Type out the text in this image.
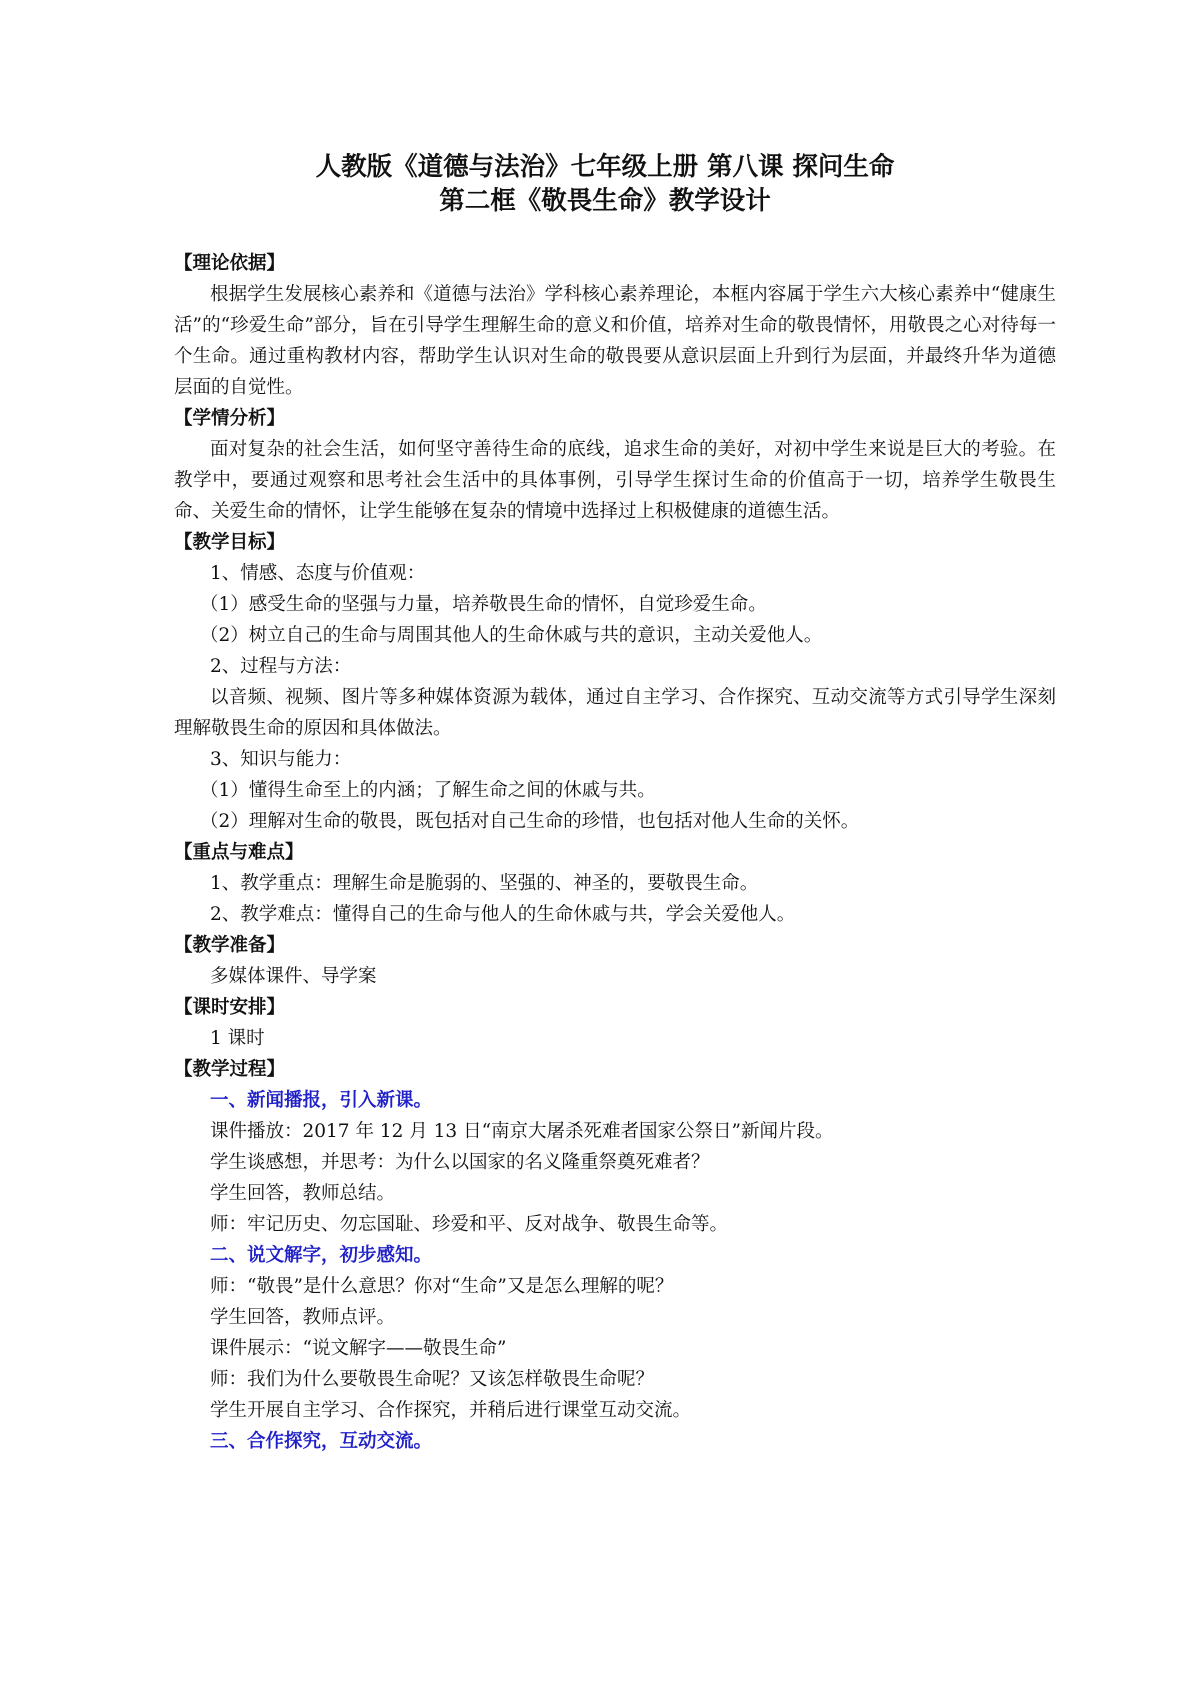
人教版《道德与法治》七年级上册 第八课 探问生命
第二框《敬畏生命》教学设计
【理论依据】
根据学生发展核心素养和《道德与法治》学科核心素养理论，本框内容属于学生六大核心素养中“健康生活”的“珍爱生命”部分，旨在引导学生理解生命的意义和价值，培养对生命的敬畏情怀，用敬畏之心对待每一个生命。通过重构教材内容，帮助学生认识对生命的敬畏要从意识层面上升到行为层面，并最终升华为道德层面的自觉性。
【学情分析】
面对复杂的社会生活，如何坚守善待生命的底线，追求生命的美好，对初中学生来说是巨大的考验。在教学中，要通过观察和思考社会生活中的具体事例，引导学生探讨生命的价值高于一切，培养学生敬畏生命、关爱生命的情怀，让学生能够在复杂的情境中选择过上积极健康的道德生活。
【教学目标】
1、情感、态度与价值观：
（1）感受生命的坚强与力量，培养敬畏生命的情怀，自觉珍爱生命。
（2）树立自己的生命与周围其他人的生命休戚与共的意识，主动关爱他人。
2、过程与方法：
以音频、视频、图片等多种媒体资源为载体，通过自主学习、合作探究、互动交流等方式引导学生深刻理解敬畏生命的原因和具体做法。
3、知识与能力：
（1）懂得生命至上的内涵；了解生命之间的休戚与共。
（2）理解对生命的敬畏，既包括对自己生命的珍惜，也包括对他人生命的关怀。
【重点与难点】
1、教学重点：理解生命是脆弱的、坚强的、神圣的，要敬畏生命。
2、教学难点：懂得自己的生命与他人的生命休戚与共，学会关爱他人。
【教学准备】
多媒体课件、导学案
【课时安排】
1 课时
【教学过程】
一、新闻播报，引入新课。
课件播放：2017 年 12 月 13 日“南京大屠杀死难者国家公祭日”新闻片段。
学生谈感想，并思考：为什么以国家的名义隆重祭奠死难者？
学生回答，教师总结。
师：牢记历史、勿忘国耻、珍爱和平、反对战争、敬畏生命等。
二、说文解字，初步感知。
师：“敬畏”是什么意思？你对“生命”又是怎么理解的呢？
学生回答，教师点评。
课件展示：“说文解字——敬畏生命”
师：我们为什么要敬畏生命呢？又该怎样敬畏生命呢？
学生开展自主学习、合作探究，并稍后进行课堂互动交流。
三、合作探究，互动交流。
